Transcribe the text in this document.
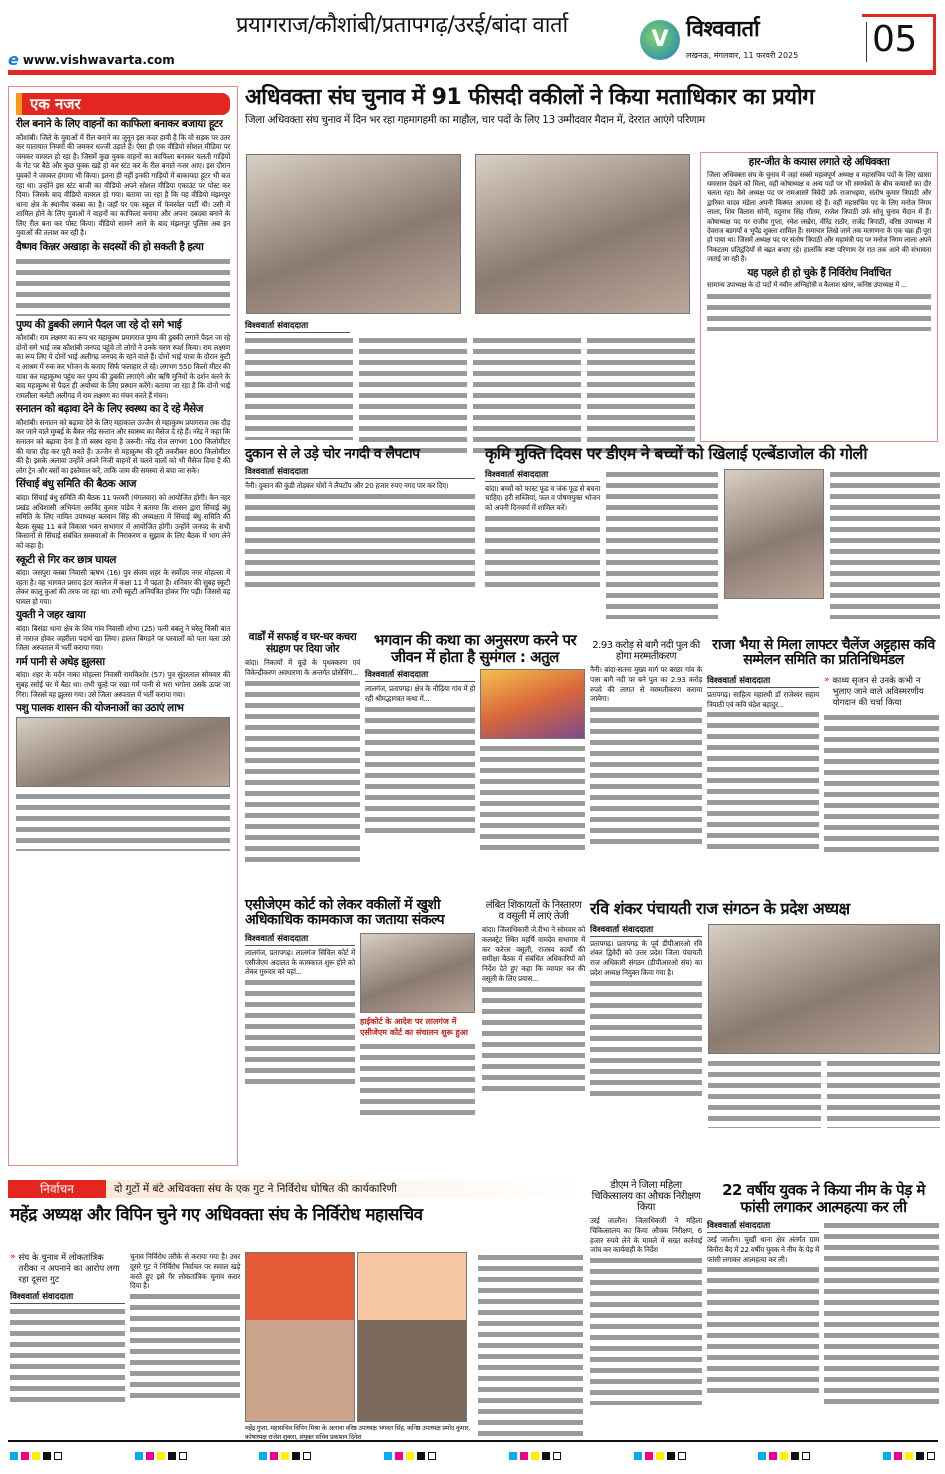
प्रयागराज/कौशांबी/प्रतापगढ़/उरई/बांदा वार्ता
e www.vishwavarta.com
V विश्ववार्ता
लखनऊ, मंगलवार, 11 फरवरी 2025	05
एक नजर
रील बनाने के लिए वाहनों का काफिला बनाकर बजाया हूटर
कौशांबी। जिले के युवाओं में रील बनाने का जुनून इस कदर हावी है कि वो सड़क पर उतर कर यातायात नियमों की जमकर धज्जी उड़ाते हैं। ऐसा ही एक वीडियो सोशल मीडिया पर जमकर वायरल हो रहा है। जिसमें कुछ युवक वाहनों का काफिला बनाकर चलती गाड़ियों के गेट पर बैठे और कुछ युवक खड़े हो कर स्टंट कर के रील बनाते नजर आए। इस दौरान युवकों ने जमकर हंगामा भी किया। इतना ही नहीं इनकी गाड़ियों में बाकायदा हूटर भी बज रहा था। उन्होंने इस स्टंट बाजी का वीडियो अपने सोशल मीडिया एकाउंट पर पोस्ट कर दिया। जिसके बाद वीडियो वायरल हो गया। बताया जा रहा है कि यह वीडियो मंझनपुर थाना क्षेत्र के स्थानीय कस्बा का है। जहाँ पर एक स्कूल में फेयरवेल पार्टी थी। उसी में शामिल होने के लिए युवाओं ने वाहनों का काफिला बनाया और अपना दबदबा बनाने के लिए रील बना कर पोस्ट किया। वीडियो सामने आने के बाद मंझनपुर पुलिस अब इन युवाओं की तलाश कर रही है।
वैष्णव किन्नर अखाड़ा के सदस्यों की हो सकती है हत्या
पुण्य की डुबकी लगाने पैदल जा रहे दो सगे भाई
कौशांबी। राम लक्ष्मण का रूप धर महाकुम्भ प्रयागराज पुण्य की डुबकी लगाने पैदल जा रहे दोनों सगे भाई जब कौशांबी जनपद पहुंचे तो लोगों ने उनके चरण स्पर्श किया। राम लक्ष्मण का रूप लिए ये दोनों भाई अलीगढ़ जनपद के रहने वाले हैं। दोनों भाई यात्रा के दौरान कुटी व आश्रम में रुक कर भोजन के बजाए सिर्फ फलाहार ले रहे। लगभग 550 किलो मीटर की यात्रा कर महाकुम्भ पहुंच कर पुण्य की डुबकी लगाएंगे और ऋषि मुनियों के दर्शन करने के बाद महाकुम्भ से पैदल ही अयोध्या के लिए प्रस्थान करेंगे। बताया जा रहा है कि दोनों भाई रामलीला कमेटी अलीगढ़ में राम लक्ष्मण का मंचन करते हैं मंचन।
सनातन को बढ़ावा देने के लिए स्वस्थ्य का दे रहे मैसेज
कौशांबी। सनातन को बढ़ावा देने के लिए महाकाल उज्जैन से महाकुम्भ प्रयागराज तक दौड़ कर जाने वाले मुम्बई के बैंकर नरेंद्र सन्तान और स्वास्थ्य का मैसेज दे रहे हैं। नरेंद्र ने कहा कि सनातन को बढ़ावा देना है तो स्वस्थ रहना है जरूरी। नरेंद्र रोज लगभग 100 किलोमीटर की यात्रा दौड़ कर पूरी करते हैं। उज्जैन से महाकुम्भ की दूरी तकरीबन 800 किलोमीटर की है। इसके अलावा उन्होंने अपने निजी वाहनों से चलने वालों को भी मैसेज दिया है की लोग ट्रेन और बसों का इस्तेमाल करें, ताकि जाम की समस्या से बचा जा सके।
सिंचाई बंधु समिति की बैठक आज
बांदा। सिंचाई बंधु समिति की बैठक 11 फरवरी (मंगलवार) को आयोजित होगी। केन नहर प्रखंड अधिशासी अभियंता अरविंद कुमार पांडेय ने बताया कि शासन द्वारा सिंचाई बंधु समिति के लिए नामित उपाध्यक्ष बलवान सिंह की अध्यक्षता में सिंचाई बंधु समिति की बैठक सुबह 11 बजे विकास भवन सभागार में आयोजित होगी। उन्होंने जनपद के सभी किसानों से सिंचाई संबंधित समस्याओं के निराकरण व सुझाव के लिए बैठक में भाग लेने को कहा है।
स्कूटी से गिर कर छात्र घायल
बांदा। जसपुरा कस्बा निवासी ऋषभ (16) पुत्र संजय शहर के सर्वोदय नगर मोहल्ला में रहता है। वह भागवत प्रसाद इंटर कालेज में कक्षा 11 में पढ़ता है। शनिवार की सुबह स्कूटी लेकर कालू कुआं की तरफ जा रहा था। तभी स्कूटी अनियंत्रित होकर गिर पड़ी। जिससे वह घायल हो गया।
युवती ने जहर खाया
बांदा। बिसंडा थाना क्षेत्र के शिव गांव निवासी शोभा (25) पत्नी बबलू ने घरेलू किसी बात से नाराज होकर जहरीला पदार्थ खा लिया। हालत बिगड़ने पर घरवालों को पता चला उसे जिला अस्पताल में भर्ती कराया गया।
गर्म पानी से अधेड़ झुलसा
बांदा। शहर के मर्दन नाका मोहल्ला निवासी रामकिशोर (57) पुत्र सुंदरलाल सोमवार की सुबह रसोई घर में बैठा था। तभी चूल्हे पर रखा गर्म पानी से भरा भगोना उसके ऊपर जा गिरा। जिससे वह झुलस गया। उसे जिला अस्पताल में भर्ती कराया गया।
पशु पालक शासन की योजनाओं का उठाएं लाभ
अधिवक्ता संघ चुनाव में 91 फीसदी वकीलों ने किया मताधिकार का प्रयोग
जिला अधिवक्ता संघ चुनाव में दिन भर रहा गहमागहमी का माहौल, चार पदों के लिए 13 उम्मीदवार मैदान में, देररात आएंगे परिणाम
हार-जीत के कयास लगाते रहे अधिवक्ता
जिला अधिवक्ता संघ के चुनाव में जहां सबसे महत्वपूर्ण अध्यक्ष व महासचिव पदों के लिए खासा घमासान देखने को मिला, वहीं कोषाध्यक्ष व अन्य पदों पर भी समर्थकों के बीच कयासों का दौर चलता रहा। वैसे अध्यक्ष पद पर रामआसरे त्रिवेदी उर्फ राजाभइया, संतोष कुमार त्रिपाठी और द्वारिका यादव मंडेला अपनी किस्मत आजमा रहे हैं। वहीं महासचिव पद के लिए मनोज निगम लाला, शिव विलास सोनी, यदुनाथ सिंह गौतम, राजेश त्रिपाठी उर्फ सोनू चुनाव मैदान में हैं। कोषाध्यक्ष पद पर राजीव गुप्ता, रमेश लखेरा, वीरेंद्र राठौर, राजेंद्र त्रिपाठी, वरिष्ठ उपाध्यक्ष में देवराज बडगयाँ व भूपेंद्र शुक्ला शामिल हैं। समाचार लिखे जाने तक मतगणना के एक चक्र ही पूरा हो पाया था। जिसमें अध्यक्ष पद पर संतोष त्रिपाठी और महामंत्री पद पर मनोज निगम लाला अपने निकटतम प्रतिद्वंदियों से बढ़त बनाए रहे। हालांकि स्पष्ट परिणाम देर रात तक आने की संभावना जताई जा रही है।
यह पहले ही हो चुके हैं निर्विरोध निर्वाचित
सामान्य उपाध्यक्ष के दो पदों में नवीन अग्निहोत्री व कैलाश खंगर, कनिष्ठ उपाध्यक्ष में ...
विश्ववार्ता संवाददाता
दुकान से ले उड़े चोर नगदी व लैपटाप
विश्ववार्ता संवाददाता
नैनी। दुकान की कुंडी तोड़कर चोरों ने लैपटॉप और 20 हजार रुपए नगद पार कर दिए।
कृमि मुक्ति दिवस पर डीएम ने बच्चों को खिलाई एल्बेंडाजोल की गोली
विश्ववार्ता संवाददाता
बांदा। बच्चों को फास्ट फूड व जंक फूड से बचना चाहिए। हरी सब्जियां, फल व पोषणयुक्त भोजन को अपनी दिनचर्या में शामिल करें।
वार्डों में सफाई व घर-घर कचरा संग्रहण पर दिया जोर
बांदा। निकायों में कूड़े के पृथक्करण एवं विकेन्द्रीकरण अवधारणा के अन्तर्गत प्रोसेसिंग...
भगवान की कथा का अनुसरण करने पर जीवन में होता है सुमंगल : अतुल
विश्ववार्ता संवाददाता
लालगंज, प्रतापगढ़। क्षेत्र के नौढ़िया गांव में हो रही श्रीमद्भागवत कथा में...
2.93 करोड़ से बागै नदी पुल की होगा मरम्मतीकरण
नैनी। बांदा-सतना मुख्य मार्ग पर बरछा गांव के पास बागै नदी पर बने पुल का 2.93 करोड़ रुपये की लागत से मरम्मतीकरण कराया जायेगा।
राजा भैया से मिला लाफ्टर चैलेंज अट्टहास कवि सम्मेलन समिति का प्रतिनिधिमंडल
विश्ववार्ता संवाददाता
प्रतापगढ़। साहित्य महारथी डॉ राजेश्वर सहाय त्रिपाठी एवं कवि चंद्रेश बहादुर...
» काव्य सृजन से उनके कभी न भुलाए जाने वाले अविस्मरणीय योगदान की चर्चा किया
एसीजेएम कोर्ट को लेकर वकीलों में खुशी अधिकाधिक कामकाज का जताया संकल्प
विश्ववार्ता संवाददाता
लालगंज, प्रतापगढ़। लालगंज सिविल कोर्ट में एसीजेएम अदालत के कामकाज शुरू होने को लेकर गुरुवार को यहां...
हाईकोर्ट के आदेश पर लालगंज में एसीजेएम कोर्ट का संचालन शुरू हुआ
लंबित शिकायतों के निस्तारण व वसूली में लाएं तेजी
बांदा। जिलाधिकारी जे.रीभा ने सोमवार को कलक्ट्रेट स्थित महर्षि वामदेव सभागार में कर करेत्तर वसूली, राजस्व कार्यों की समीक्षा बैठक में संबंधित अधिकारियों को निर्देश देते हुए कहा कि व्यापार कर की वसूली के लिए प्रयास...
रवि शंकर पंचायती राज संगठन के प्रदेश अध्यक्ष
विश्ववार्ता संवाददाता
प्रतापगढ़। प्रतापगढ़ के पूर्व डीपीआरओ रवि शंकर द्विवेदी को उत्तर प्रदेश जिला पंचायती राज अधिकारी संगठन (डीपीआरओ संघ) का प्रदेश अध्यक्ष नियुक्त किया गया है।
निर्वाचन	दो गुटों में बंटे अधिवक्ता संघ के एक गुट ने निर्विरोध घोषित की कार्यकारिणी
महेंद्र अध्यक्ष और विपिन चुने गए अधिवक्ता संघ के निर्विरोध महासचिव
» संघ के चुनाव में लोकतांत्रिक तरीका न अपनाने का आरोप लगा रहा दूसरा गुट
विश्ववार्ता संवाददाता
चुनाव निर्विरोध तरीके से कराया गया है। उधर दूसरे गुट ने निर्विरोध निर्वाचन पर सवाल खड़े करते हुए इसे गैर लोकतांत्रिक चुनाव करार दिया है।
महेंद्र गुप्ता, महासचिव विपिन मिश्रा के अलावा वरिष्ठ उपाध्यक्ष भगवत सिंह, कनिष्ठ उपाध्यक्ष प्रमोद कुमार, कोषाध्यक्ष राजेश शुक्ला, संयुक्त सचिव प्रकाशन दिनेश
डीएम ने जिला महिला चिकित्सालय का औचक निरीक्षण किया
उरई जालौन। जिलाधिकारी ने महिला चिकित्सालय का किया औचक निरीक्षण, 6 हजार रुपये लेने के मामले में सख्त कार्रवाई जांच कर कार्यवाही के निर्देश
22 वर्षीय युवक ने किया नीम के पेड़ मे फांसी लगाकर आत्महत्या कर ली
विश्ववार्ता संवाददाता
उरई जालौन। चुर्खी थाना क्षेत्र अंतर्गत ग्राम बिनौरा बैद में 22 वर्षीय युवक ने नीम के पेड़ में फांसी लगाकर आत्महत्या कर ली।
